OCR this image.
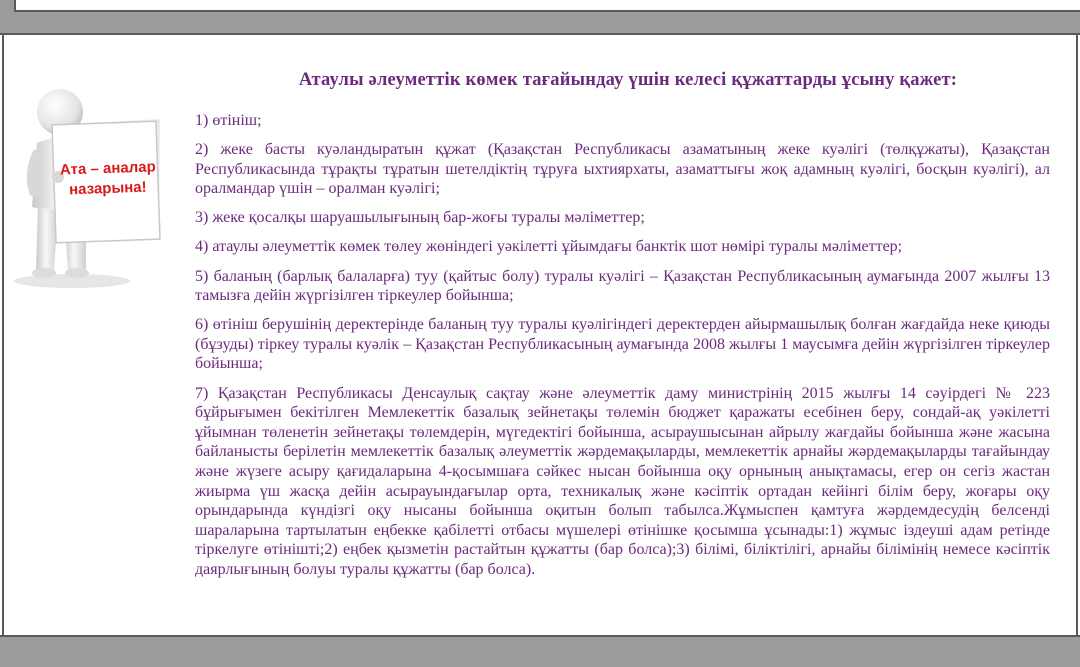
Ата – аналар
назарына!
Атаулы әлеуметтік көмек тағайындау үшін келесі құжаттарды ұсыну қажет:

1) өтініш;

2) жеке басты куәландыратын құжат (Қазақстан Республикасы азаматының жеке куәлігі (төлқұжаты), Қазақстан Республикасында тұрақты тұратын шетелдіктің тұруға ыхтиярхаты, азаматтығы жоқ адамның куәлігі, босқын куәлігі), ал оралмандар үшін – оралман куәлігі;

3) жеке қосалқы шаруашылығының бар-жоғы туралы мәліметтер;

4) атаулы әлеуметтік көмек төлеу жөніндегі уәкілетті ұйымдағы банктік шот нөмірі туралы мәліметтер;

5) баланың (барлық балаларға) туу (қайтыс болу) туралы куәлігі – Қазақстан Республикасының аумағында 2007 жылғы 13 тамызға дейін жүргізілген тіркеулер бойынша;

6) өтініш берушінің деректерінде баланың туу туралы куәлігіндегі деректерден айырмашылық болған жағдайда неке қиюды (бұзуды) тіркеу туралы куәлік – Қазақстан Республикасының аумағында 2008 жылғы 1 маусымға дейін жүргізілген тіркеулер бойынша;

7) Қазақстан Республикасы Денсаулық сақтау және әлеуметтік даму министрінің 2015 жылғы 14 сәуірдегі № 223 бұйрығымен бекітілген Мемлекеттік базалық зейнетақы төлемін бюджет қаражаты есебінен беру, сондай-ақ уәкілетті ұйымнан төленетін зейнетақы төлемдерін, мүгедектігі бойынша, асыраушысынан айрылу жағдайы бойынша және жасына байланысты берілетін мемлекеттік базалық әлеуметтік жәрдемақыларды, мемлекеттік арнайы жәрдемақыларды тағайындау және жүзеге асыру қағидаларына 4-қосымшаға сәйкес нысан бойынша оқу орнының анықтамасы, егер он сегіз жастан жиырма үш жасқа дейін асырауындағылар орта, техникалық және кәсіптік ортадан кейінгі білім беру, жоғары оқу орындарында күндізгі оқу нысаны бойынша оқитын болып табылса.Жұмыспен қамтуға жәрдемдесудің белсенді шараларына тартылатын еңбекке қабілетті отбасы мүшелері өтінішке қосымша ұсынады:1) жұмыс іздеуші адам ретінде тіркелуге өтінішті;2) еңбек қызметін растайтын құжатты (бар болса);3) білімі, біліктілігі, арнайы білімінің немесе кәсіптік даярлығының болуы туралы құжатты (бар болса).
